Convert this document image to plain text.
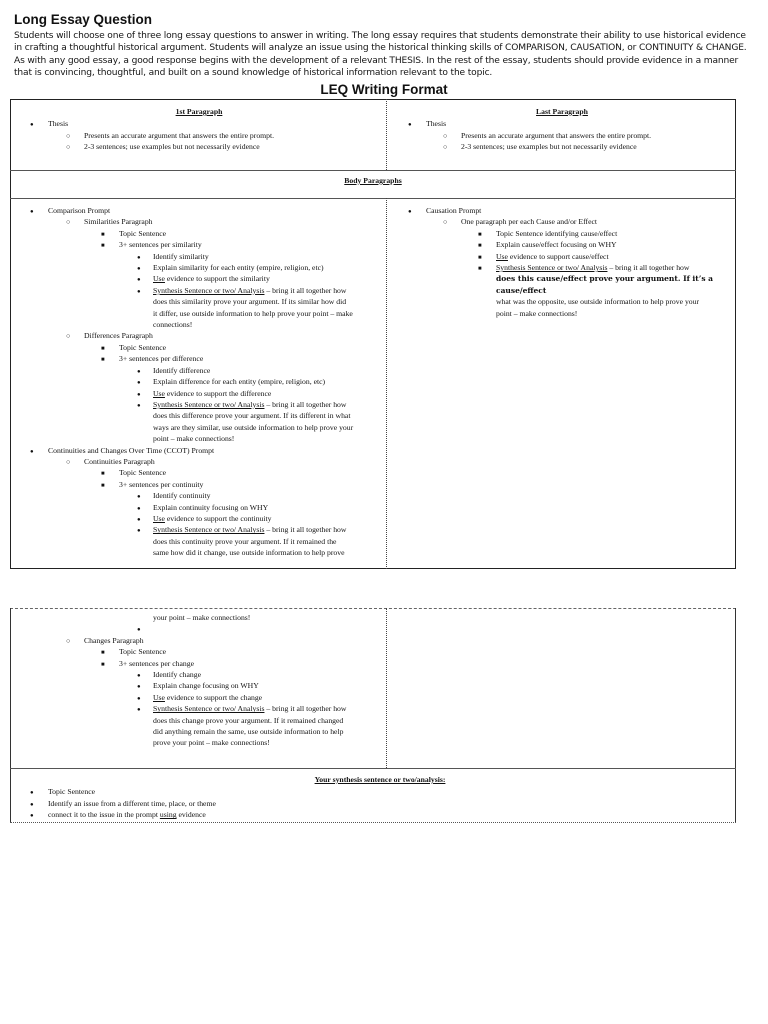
Long Essay Question
Students will choose one of three long essay questions to answer in writing. The long essay requires that students demonstrate their ability to use historical evidence in crafting a thoughtful historical argument. Students will analyze an issue using the historical thinking skills of COMPARISON, CAUSATION, or CONTINUITY & CHANGE. As with any good essay, a good response begins with the development of a relevant THESIS. In the rest of the essay, students should provide evidence in a manner that is convincing, thoughtful, and built on a sound knowledge of historical information relevant to the topic.
LEQ Writing Format
1st Paragraph
●
Thesis
○
Presents an accurate argument that answers the entire prompt.
○
2-3 sentences; use examples but not necessarily evidence
Last Paragraph
●
Thesis
○
Presents an accurate argument that answers the entire prompt.
○
2-3 sentences; use examples but not necessarily evidence
Body Paragraphs
●
Comparison Prompt
○
Similarities Paragraph
■
Topic Sentence
■
3+ sentences per similarity
●
Identify similarity
●
Explain similarity for each entity (empire, religion, etc)
●
Use evidence to support the similarity
●
Synthesis Sentence or two/ Analysis – bring it all together how
does this similarity prove your argument. If its similar how did
it differ, use outside information to help prove your point – make
connections!
○
Differences Paragraph
■
Topic Sentence
■
3+ sentences per difference
●
Identify difference
●
Explain difference for each entity (empire, religion, etc)
●
Use evidence to support the difference
●
Synthesis Sentence or two/ Analysis – bring it all together how
does this difference prove your argument. If its different in what
ways are they similar, use outside information to help prove your
point – make connections!
●
Continuities and Changes Over Time (CCOT) Prompt
○
Continuities Paragraph
■
Topic Sentence
■
3+ sentences per continuity
●
Identify continuity
●
Explain continuity focusing on WHY
●
Use evidence to support the continuity
●
Synthesis Sentence or two/ Analysis – bring it all together how
does this continuity prove your argument. If it remained the
same how did it change, use outside information to help prove
●
Causation Prompt
○
One paragraph per each Cause and/or Effect
■
Topic Sentence identifying cause/effect
■
Explain cause/effect focusing on WHY
■
Use evidence to support cause/effect
■
Synthesis Sentence or two/ Analysis – bring it all together how
does this cause/effect prove your argument. If it’s a cause/effect
what was the opposite, use outside information to help prove your
point – make connections!
your point – make connections!
●
○
Changes Paragraph
■
Topic Sentence
■
3+ sentences per change
●
Identify change
●
Explain change focusing on WHY
●
Use evidence to support the change
●
Synthesis Sentence or two/ Analysis – bring it all together how
does this change prove your argument. If it remained changed
did anything remain the same, use outside information to help
prove your point – make connections!
Your synthesis sentence or two/analysis:
●
Topic Sentence
●
Identify an issue from a different time, place, or theme
●
connect it to the issue in the prompt using evidence
